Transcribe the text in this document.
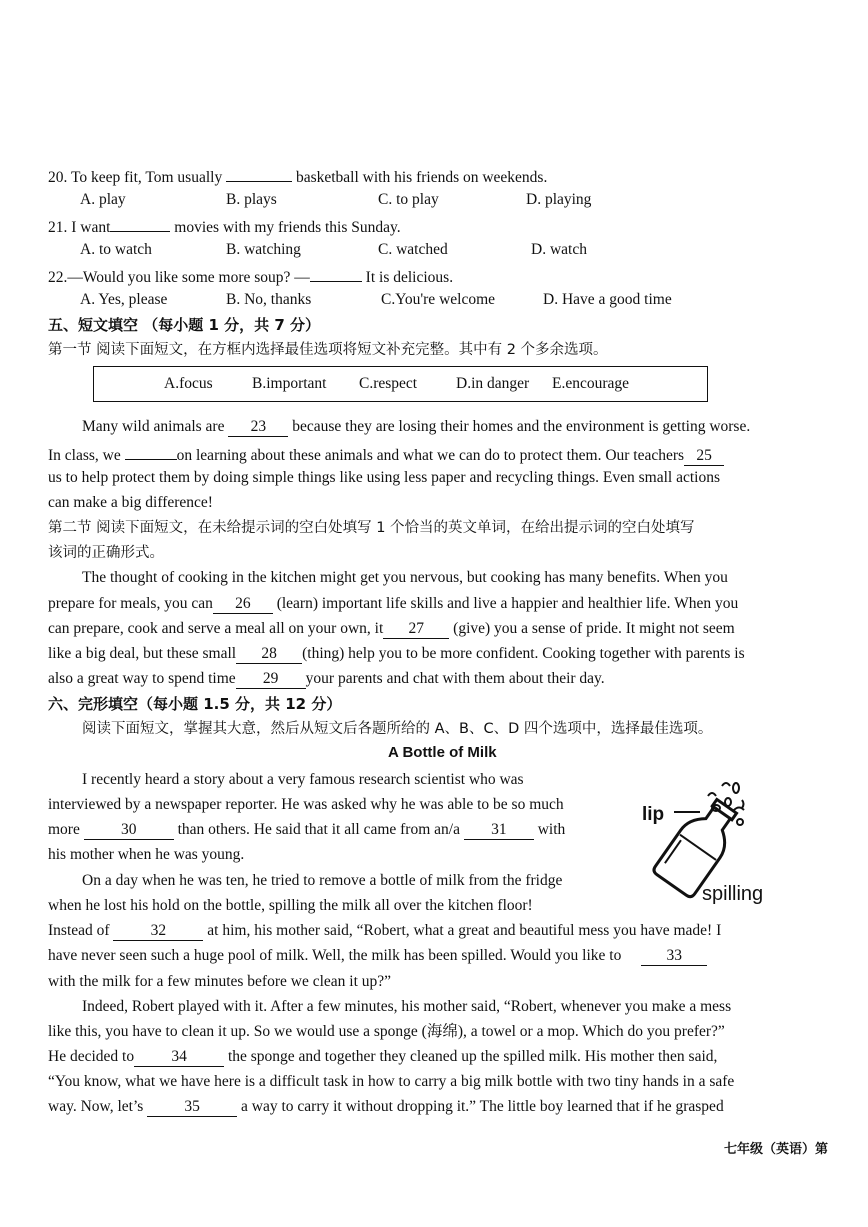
20. To keep fit, Tom usually	basketball with his friends on weekends.
A. play	B. plays	C. to play	D. playing
21. I want	movies with my friends this Sunday.
A. to watch	B. watching	C. watched	D. watch
22.—Would you like some more soup? —	It is delicious.
A. Yes, please	B. No, thanks	C.You're welcome	D. Have a good time
五、短文填空 （每小题 1 分，共 7 分）
第一节 阅读下面短文，在方框内选择最佳选项将短文补充完整。其中有 2 个多余选项。
A.focus	B.important C.respect	D.in danger E.encourage
Many wild animals are 23 because they are losing their homes and the environment is getting worse.
In class, we	on learning about these animals and what we can do to protect them. Our teachers 25
us to help protect them by doing simple things like using less paper and recycling things. Even small actions
can make a big difference!
第二节 阅读下面短文，在未给提示词的空白处填写 1 个恰当的英文单词，在给出提示词的空白处填写
该词的正确形式。
The thought of cooking in the kitchen might get you nervous, but cooking has many benefits. When you
prepare for meals, you can 26 (learn) important life skills and live a happier and healthier life. When you
can prepare, cook and serve a meal all on your own, it 27 (give) you a sense of pride. It might not seem
like a big deal, but these small 28 (thing) help you to be more confident. Cooking together with parents is
also a great way to spend time 29 your parents and chat with them about their day.
六、完形填空（每小题 1.5 分，共 12 分）
阅读下面短文，掌握其大意，然后从短文后各题所给的 A、B、C、D 四个选项中，选择最佳选项。
A Bottle of Milk
lip
spilling
I recently heard a story about a very famous research scientist who was
interviewed by a newspaper reporter. He was asked why he was able to be so much
more	30	than others. He said that it all came from an/a 31 with
his mother when he was young.
On a day when he was ten, he tried to remove a bottle of milk from the fridge
when he lost his hold on the bottle, spilling the milk all over the kitchen floor!
Instead of	32	at him, his mother said, “Robert, what a great and beautiful mess you have made! I
have never seen such a huge pool of milk. Well, the milk has been spilled. Would you like to	33
with the milk for a few minutes before we clean it up?”
Indeed, Robert played with it. After a few minutes, his mother said, “Robert, whenever you make a mess
like this, you have to clean it up. So we would use a sponge (海绵), a towel or a mop. Which do you prefer?”
He decided to 34	the sponge and together they cleaned up the spilled milk. His mother then said,
“You know, what we have here is a difficult task in how to carry a big milk bottle with two tiny hands in a safe
way. Now, let’s	35	a way to carry it without dropping it.” The little boy learned that if he grasped
七年级（英语）第
